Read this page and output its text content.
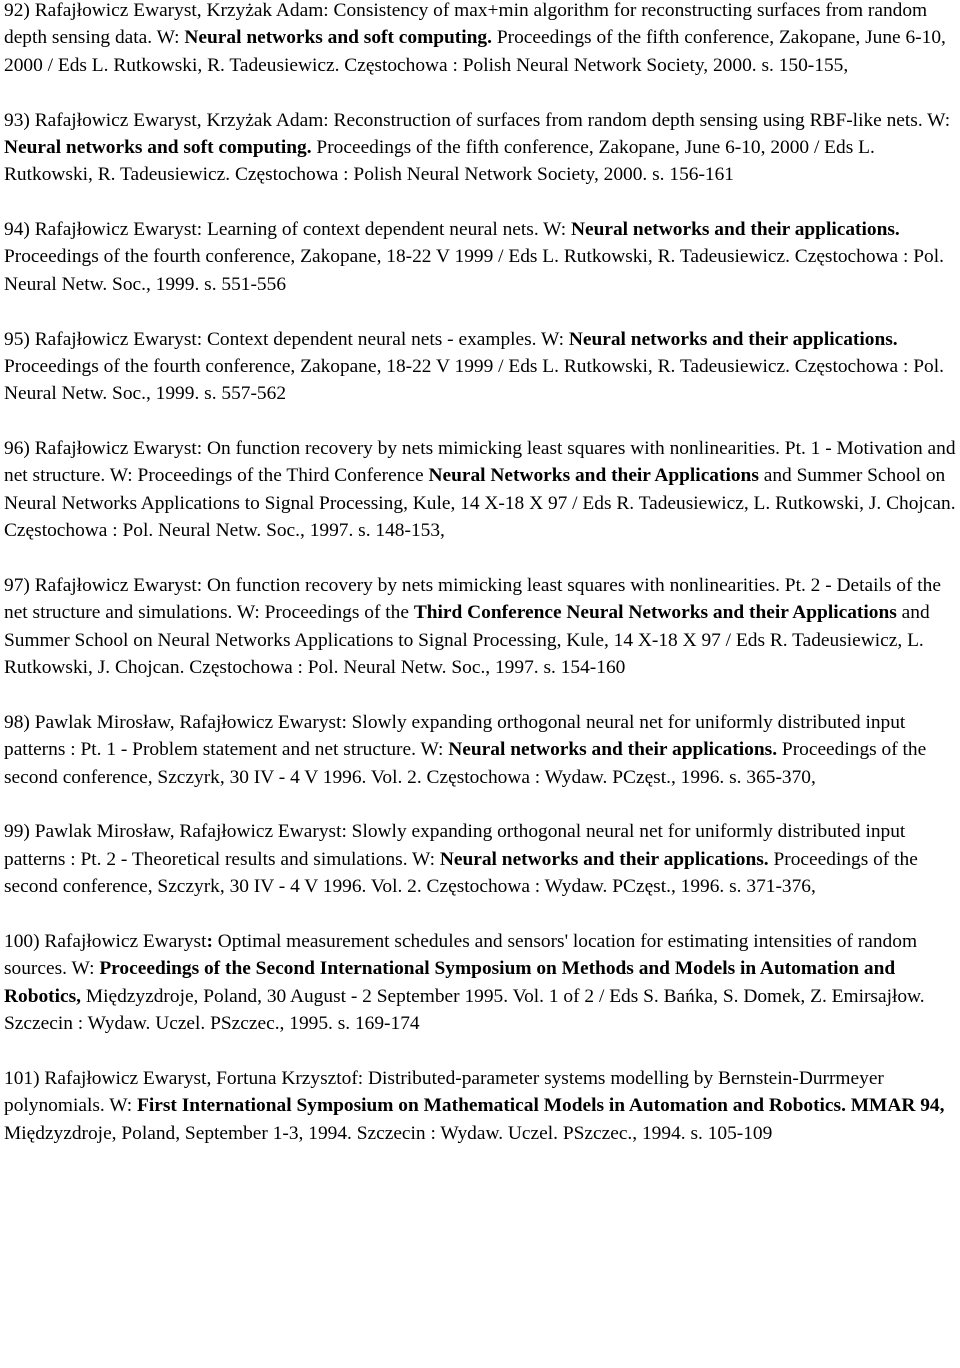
92) Rafajłowicz Ewaryst, Krzyżak Adam: Consistency of max+min algorithm for reconstructing surfaces from random depth sensing data. W: Neural networks and soft computing. Proceedings of the fifth conference, Zakopane, June 6-10, 2000 / Eds L. Rutkowski, R. Tadeusiewicz. Częstochowa : Polish Neural Network Society, 2000. s. 150-155,
93) Rafajłowicz Ewaryst, Krzyżak Adam: Reconstruction of surfaces from random depth sensing using RBF-like nets. W: Neural networks and soft computing. Proceedings of the fifth conference, Zakopane, June 6-10, 2000 / Eds L. Rutkowski, R. Tadeusiewicz. Częstochowa : Polish Neural Network Society, 2000. s. 156-161
94) Rafajłowicz Ewaryst: Learning of context dependent neural nets. W: Neural networks and their applications. Proceedings of the fourth conference, Zakopane, 18-22 V 1999 / Eds L. Rutkowski, R. Tadeusiewicz. Częstochowa : Pol. Neural Netw. Soc., 1999. s. 551-556
95) Rafajłowicz Ewaryst: Context dependent neural nets - examples. W: Neural networks and their applications. Proceedings of the fourth conference, Zakopane, 18-22 V 1999 / Eds L. Rutkowski, R. Tadeusiewicz. Częstochowa : Pol. Neural Netw. Soc., 1999. s. 557-562
96) Rafajłowicz Ewaryst: On function recovery by nets mimicking least squares with nonlinearities. Pt. 1 - Motivation and net structure. W: Proceedings of the Third Conference Neural Networks and their Applications and Summer School on Neural Networks Applications to Signal Processing, Kule, 14 X-18 X 97 / Eds R. Tadeusiewicz, L. Rutkowski, J. Chojcan. Częstochowa : Pol. Neural Netw. Soc., 1997. s. 148-153,
97) Rafajłowicz Ewaryst: On function recovery by nets mimicking least squares with nonlinearities. Pt. 2 - Details of the net structure and simulations. W: Proceedings of the Third Conference Neural Networks and their Applications and Summer School on Neural Networks Applications to Signal Processing, Kule, 14 X-18 X 97 / Eds R. Tadeusiewicz, L. Rutkowski, J. Chojcan. Częstochowa : Pol. Neural Netw. Soc., 1997. s. 154-160
98) Pawlak Mirosław, Rafajłowicz Ewaryst: Slowly expanding orthogonal neural net for uniformly distributed input patterns : Pt. 1 - Problem statement and net structure. W: Neural networks and their applications. Proceedings of the second conference, Szczyrk, 30 IV - 4 V 1996. Vol. 2. Częstochowa : Wydaw. PCzęst., 1996. s. 365-370,
99) Pawlak Mirosław, Rafajłowicz Ewaryst: Slowly expanding orthogonal neural net for uniformly distributed input patterns : Pt. 2 - Theoretical results and simulations. W: Neural networks and their applications. Proceedings of the second conference, Szczyrk, 30 IV - 4 V 1996. Vol. 2. Częstochowa : Wydaw. PCzęst., 1996. s. 371-376,
100) Rafajłowicz Ewaryst: Optimal measurement schedules and sensors' location for estimating intensities of random sources. W: Proceedings of the Second International Symposium on Methods and Models in Automation and Robotics, Międzyzdroje, Poland, 30 August - 2 September 1995. Vol. 1 of 2 / Eds S. Bańka, S. Domek, Z. Emirsajłow. Szczecin : Wydaw. Uczel. PSzczec., 1995. s. 169-174
101) Rafajłowicz Ewaryst, Fortuna Krzysztof: Distributed-parameter systems modelling by Bernstein-Durrmeyer polynomials. W: First International Symposium on Mathematical Models in Automation and Robotics. MMAR 94, Międzyzdroje, Poland, September 1-3, 1994. Szczecin : Wydaw. Uczel. PSzczec., 1994. s. 105-109
